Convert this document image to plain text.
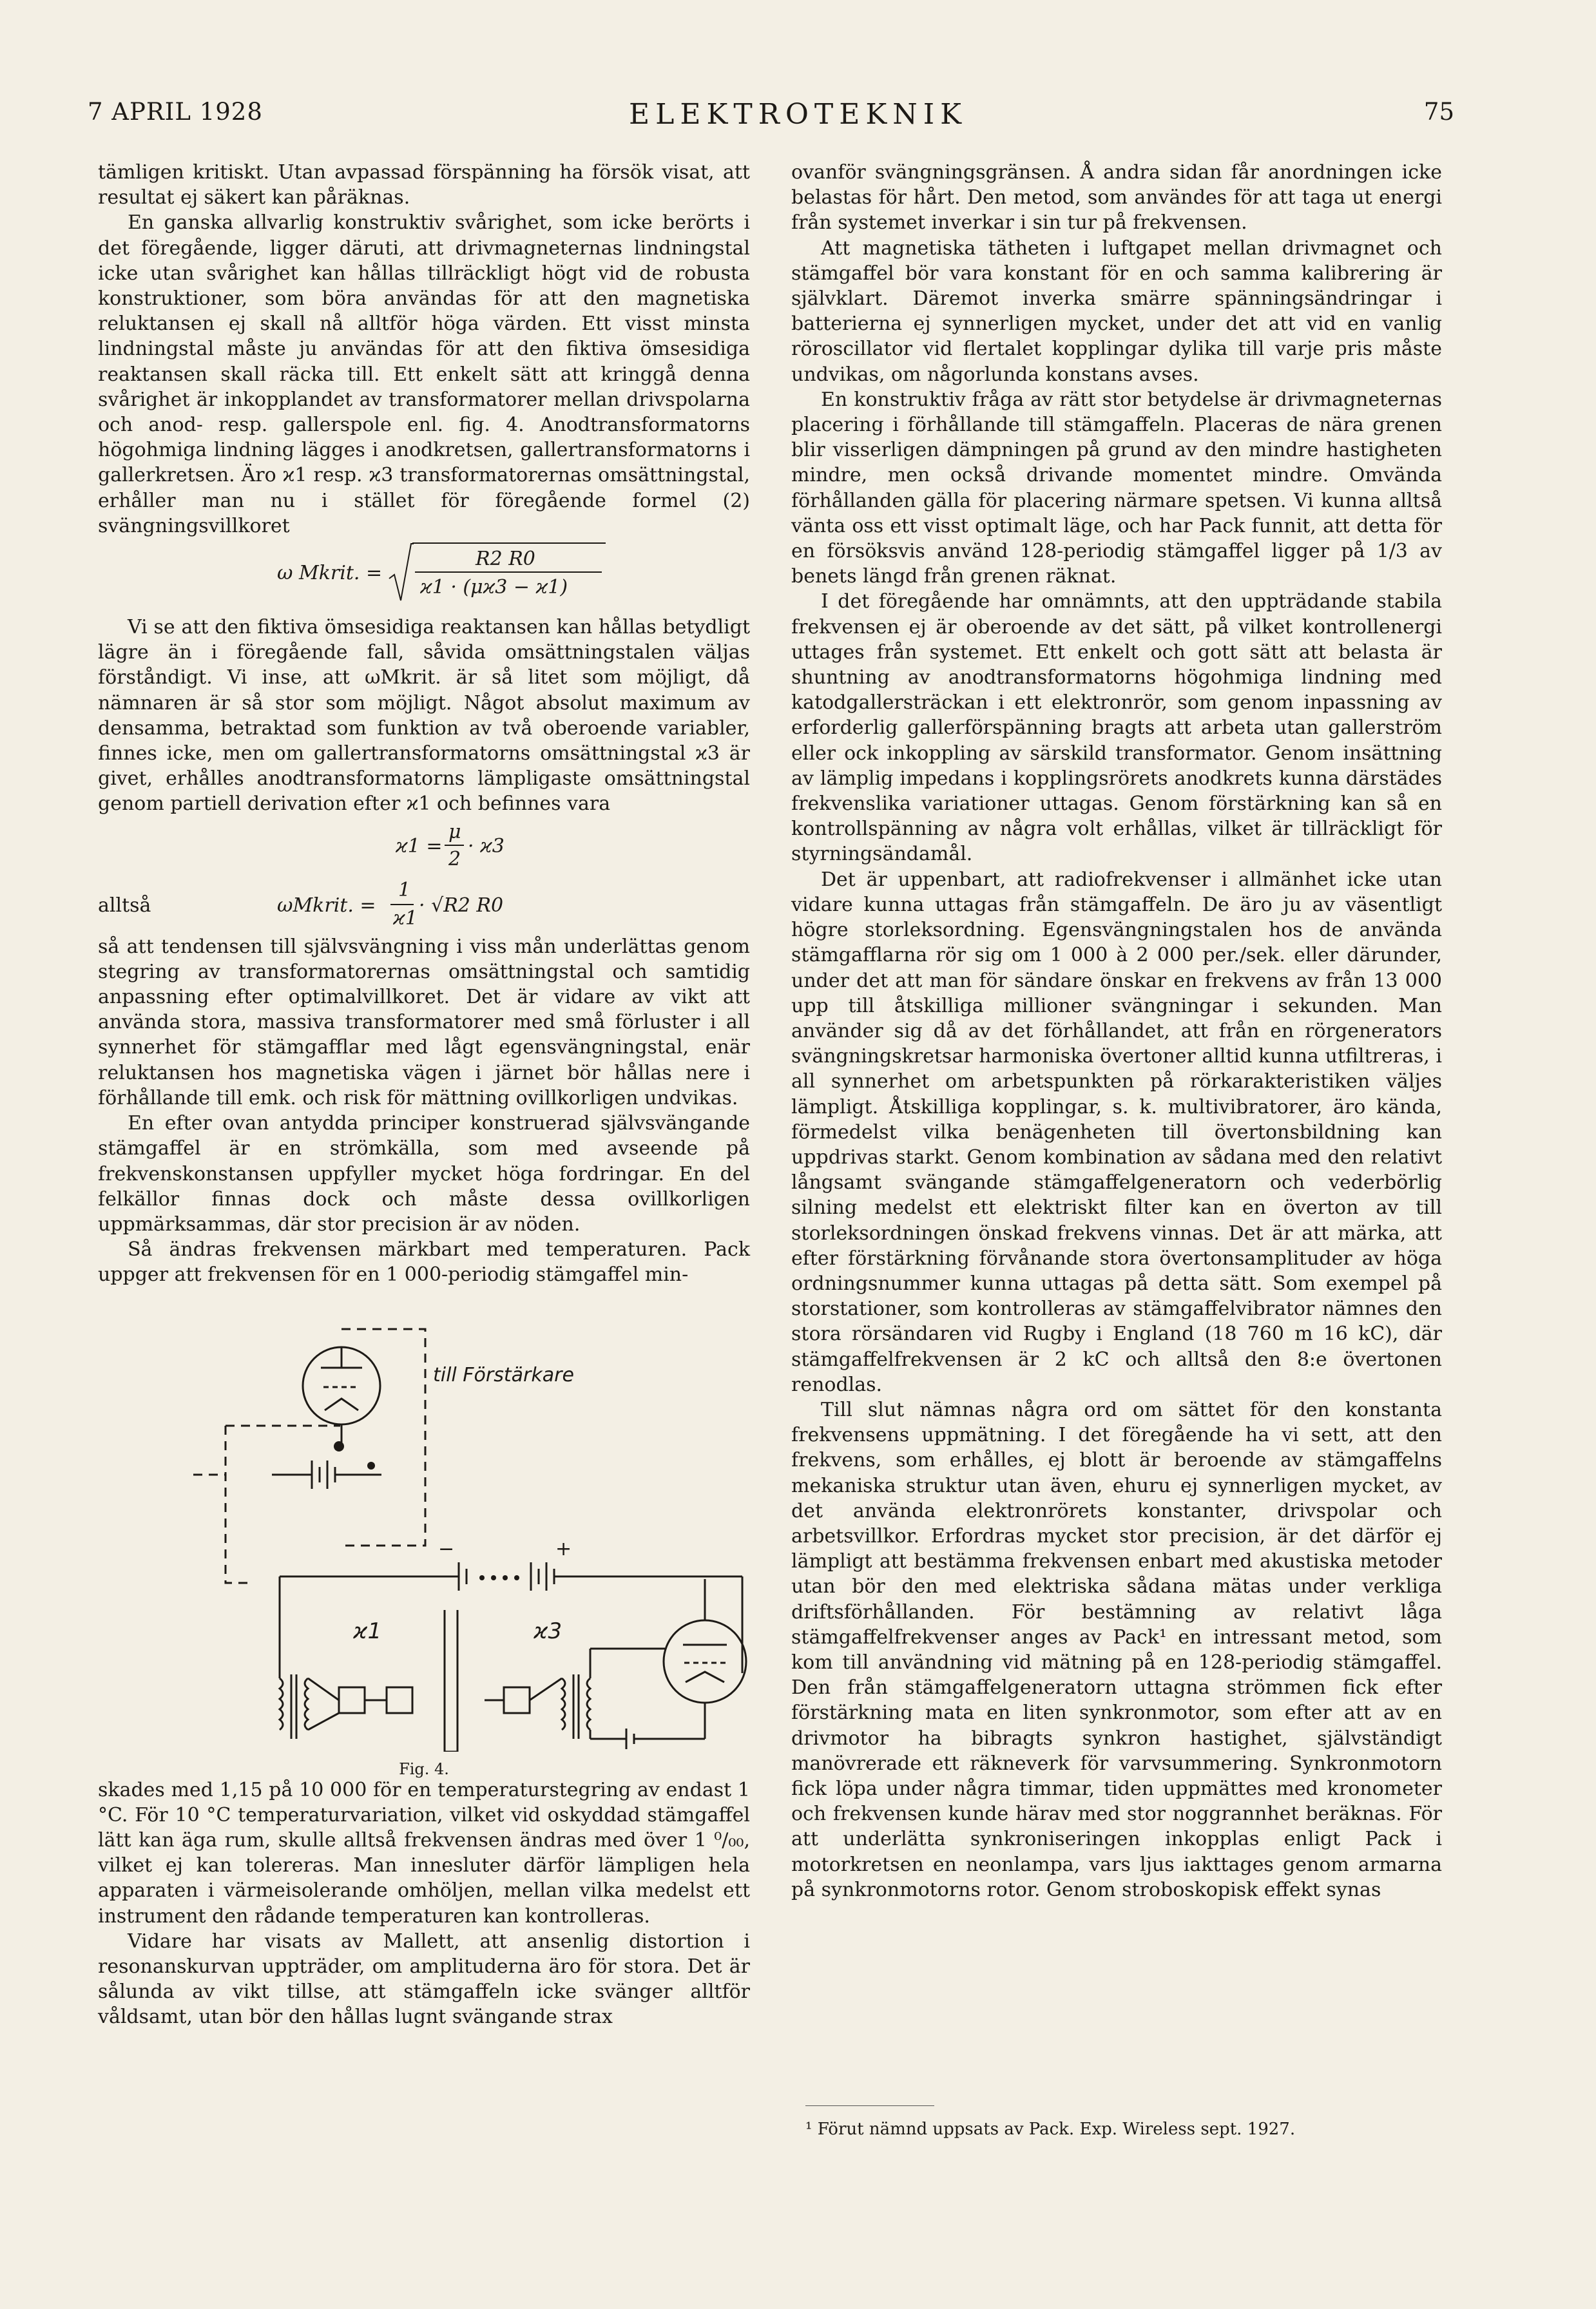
7 APRIL 1928	ELEKTROTEKNIK	75

tämligen kritiskt. Utan avpassad förspänning ha försök visat, att resultat ej säkert kan påräknas.

En ganska allvarlig konstruktiv svårighet, som icke berörts i det föregående, ligger däruti, att drivmagneternas lindningstal icke utan svårighet kan hållas tillräckligt högt vid de robusta konstruktioner, som böra användas för att den magnetiska reluktansen ej skall nå alltför höga värden. Ett visst minsta lindningstal måste ju användas för att den fiktiva ömsesidiga reaktansen skall räcka till. Ett enkelt sätt att kringgå denna svårighet är inkopplandet av transformatorer mellan drivspolarna och anod- resp. gallerspole enl. fig. 4. Anodtransformatorns högohmiga lindning lägges i anodkretsen, gallertransformatorns i gallerkretsen. Äro ϰ1 resp. ϰ3 transformatorernas omsättningstal, erhåller man nu i stället för föregående formel (2) svängningsvillkoret

ω Mkrit. =
R2 R0
ϰ1 · (μϰ3 − ϰ1)

Vi se att den fiktiva ömsesidiga reaktansen kan hållas betydligt lägre än i föregående fall, såvida omsättningstalen väljas förståndigt. Vi inse, att ωMkrit. är så litet som möjligt, då nämnaren är så stor som möjligt. Något absolut maximum av densamma, betraktad som funktion av två oberoende variabler, finnes icke, men om gallertransformatorns omsättningstal ϰ3 är givet, erhålles anodtransformatorns lämpligaste omsättningstal genom partiell derivation efter ϰ1 och befinnes vara

ϰ1 =
μ
2
· ϰ3
alltså	ωMkrit. =
1
ϰ1
· √R2 R0

så att tendensen till självsvängning i viss mån underlättas genom stegring av transformatorernas omsättningstal och samtidig anpassning efter optimalvillkoret. Det är vidare av vikt att använda stora, massiva transformatorer med små förluster i all synnerhet för stämgafflar med lågt egensvängningstal, enär reluktansen hos magnetiska vägen i järnet bör hållas nere i förhållande till emk. och risk för mättning ovillkorligen undvikas.

En efter ovan antydda principer konstruerad självsvängande stämgaffel är en strömkälla, som med avseende på frekvenskonstansen uppfyller mycket höga fordringar. En del felkällor finnas dock och måste dessa ovillkorligen uppmärksammas, där stor precision är av nöden.

Så ändras frekvensen märkbart med temperaturen. Pack uppger att frekvensen för en 1 000-periodig stämgaffel min-

till Förstärkare
ϰ1	ϰ3
+
−
Fig. 4.

skades med 1,15 på 10 000 för en temperaturstegring av endast 1 °C. För 10 °C temperaturvariation, vilket vid oskyddad stämgaffel lätt kan äga rum, skulle alltså frekvensen ändras med över 1 ⁰/₀₀, vilket ej kan tolereras. Man innesluter därför lämpligen hela apparaten i värmeisolerande omhöljen, mellan vilka medelst ett instrument den rådande temperaturen kan kontrolleras.

Vidare har visats av Mallett, att ansenlig distortion i resonanskurvan uppträder, om amplituderna äro för stora. Det är sålunda av vikt tillse, att stämgaffeln icke svänger alltför våldsamt, utan bör den hållas lugnt svängande strax

ovanför svängningsgränsen. Å andra sidan får anordningen icke belastas för hårt. Den metod, som användes för att taga ut energi från systemet inverkar i sin tur på frekvensen.

Att magnetiska tätheten i luftgapet mellan drivmagnet och stämgaffel bör vara konstant för en och samma kalibrering är självklart. Däremot inverka smärre spänningsändringar i batterierna ej synnerligen mycket, under det att vid en vanlig röroscillator vid flertalet kopplingar dylika till varje pris måste undvikas, om någorlunda konstans avses.

En konstruktiv fråga av rätt stor betydelse är drivmagneternas placering i förhållande till stämgaffeln. Placeras de nära grenen blir visserligen dämpningen på grund av den mindre hastigheten mindre, men också drivande momentet mindre. Omvända förhållanden gälla för placering närmare spetsen. Vi kunna alltså vänta oss ett visst optimalt läge, och har Pack funnit, att detta för en försöksvis använd 128-periodig stämgaffel ligger på 1/3 av benets längd från grenen räknat.

I det föregående har omnämnts, att den uppträdande stabila frekvensen ej är oberoende av det sätt, på vilket kontrollenergi uttages från systemet. Ett enkelt och gott sätt att belasta är shuntning av anodtransformatorns högohmiga lindning med katodgallersträckan i ett elektronrör, som genom inpassning av erforderlig gallerförspänning bragts att arbeta utan gallerström eller ock inkoppling av särskild transformator. Genom insättning av lämplig impedans i kopplingsrörets anodkrets kunna därstädes frekvenslika variationer uttagas. Genom förstärkning kan så en kontrollspänning av några volt erhållas, vilket är tillräckligt för styrningsändamål.

Det är uppenbart, att radiofrekvenser i allmänhet icke utan vidare kunna uttagas från stämgaffeln. De äro ju av väsentligt högre storleksordning. Egensvängningstalen hos de använda stämgafflarna rör sig om 1 000 à 2 000 per./sek. eller därunder, under det att man för sändare önskar en frekvens av från 13 000 upp till åtskilliga millioner svängningar i sekunden. Man använder sig då av det förhållandet, att från en rörgenerators svängningskretsar harmoniska övertoner alltid kunna utfiltreras, i all synnerhet om arbetspunkten på rörkarakteristiken väljes lämpligt. Åtskilliga kopplingar, s. k. multivibratorer, äro kända, förmedelst vilka benägenheten till övertonsbildning kan uppdrivas starkt. Genom kombination av sådana med den relativt långsamt svängande stämgaffelgeneratorn och vederbörlig silning medelst ett elektriskt filter kan en överton av till storleksordningen önskad frekvens vinnas. Det är att märka, att efter förstärkning förvånande stora övertonsamplituder av höga ordningsnummer kunna uttagas på detta sätt. Som exempel på storstationer, som kontrolleras av stämgaffelvibrator nämnes den stora rörsändaren vid Rugby i England (18 760 m 16 kC), där stämgaffelfrekvensen är 2 kC och alltså den 8:e övertonen renodlas.

Till slut nämnas några ord om sättet för den konstanta frekvensens uppmätning. I det föregående ha vi sett, att den frekvens, som erhålles, ej blott är beroende av stämgaffelns mekaniska struktur utan även, ehuru ej synnerligen mycket, av det använda elektronrörets konstanter, drivspolar och arbetsvillkor. Erfordras mycket stor precision, är det därför ej lämpligt att bestämma frekvensen enbart med akustiska metoder utan bör den med elektriska sådana mätas under verkliga driftsförhållanden. För bestämning av relativt låga stämgaffelfrekvenser anges av Pack¹ en intressant metod, som kom till användning vid mätning på en 128-periodig stämgaffel. Den från stämgaffelgeneratorn uttagna strömmen fick efter förstärkning mata en liten synkronmotor, som efter att av en drivmotor ha bibragts synkron hastighet, självständigt manövrerade ett räkneverk för varvsummering. Synkronmotorn fick löpa under några timmar, tiden uppmättes med kronometer och frekvensen kunde härav med stor noggrannhet beräknas. För att underlätta synkroniseringen inkopplas enligt Pack i motorkretsen en neonlampa, vars ljus iakttages genom armarna på synkronmotorns rotor. Genom stroboskopisk effekt synas

¹ Förut nämnd uppsats av Pack. Exp. Wireless sept. 1927.
